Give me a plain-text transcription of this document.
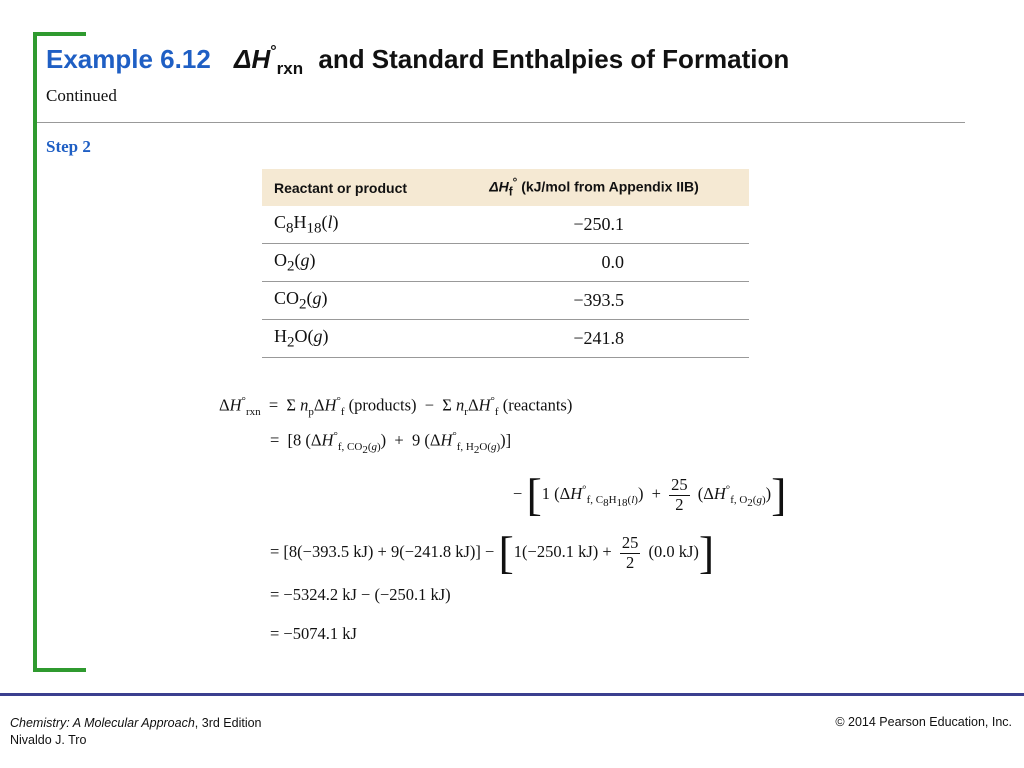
Example 6.12 $\Delta H^\circ_{rxn}$ and Standard Enthalpies of Formation
Continued
Step 2
Reactant or product	$\Delta H_f^\circ$ (kJ/mol from Appendix IIB)
$C_8H_{18}(l)$	−250.1
$O_2(g)$	0.0
$CO_2(g)$	−393.5
$H_2O(g)$	−241.8
$\Delta H^\circ_{rxn} = \Sigma$ $n_p\Delta H^\circ_f$ (products)  −  Σ $n_r\Delta H^\circ_f$ (reactants)
=  [8 $(\Delta H^\circ_{f, CO_2(g)}) + 9$ $(\Delta H^\circ_{f, H_2O(g)})$]
− [1 $(\Delta H^\circ_{f, C_8H_{18}(l)}) + \frac{25}{2} (\Delta H^\circ_{f, O_2(g)})$]
= [8(−393.5 kJ) + 9(−241.8 kJ)] − [1(−250.1 $kJ) + \frac{25}{2} (0.0$ kJ)]
= −5324.2 kJ − (−250.1 kJ)
= −5074.1 kJ
Chemistry: A Molecular Approach, 3rd Edition
Nivaldo J. Tro
© 2014 Pearson Education, Inc.
